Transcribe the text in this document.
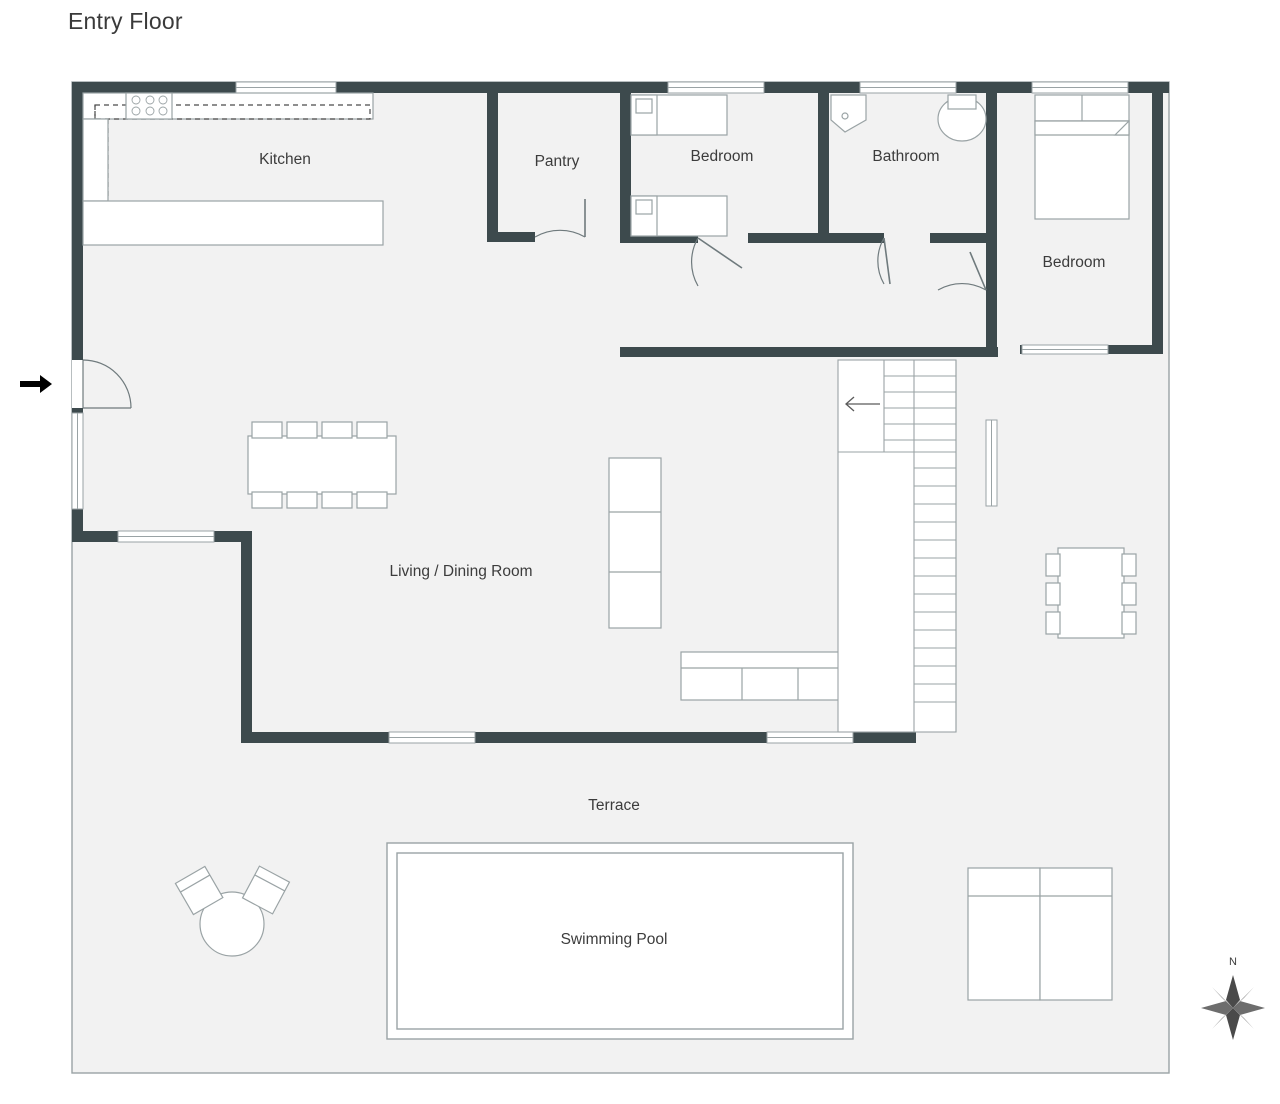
Entry Floor
Kitchen	Pantry	Bedroom	Bathroom
Bedroom
Living / Dining Room
Terrace
Swimming Pool
N
